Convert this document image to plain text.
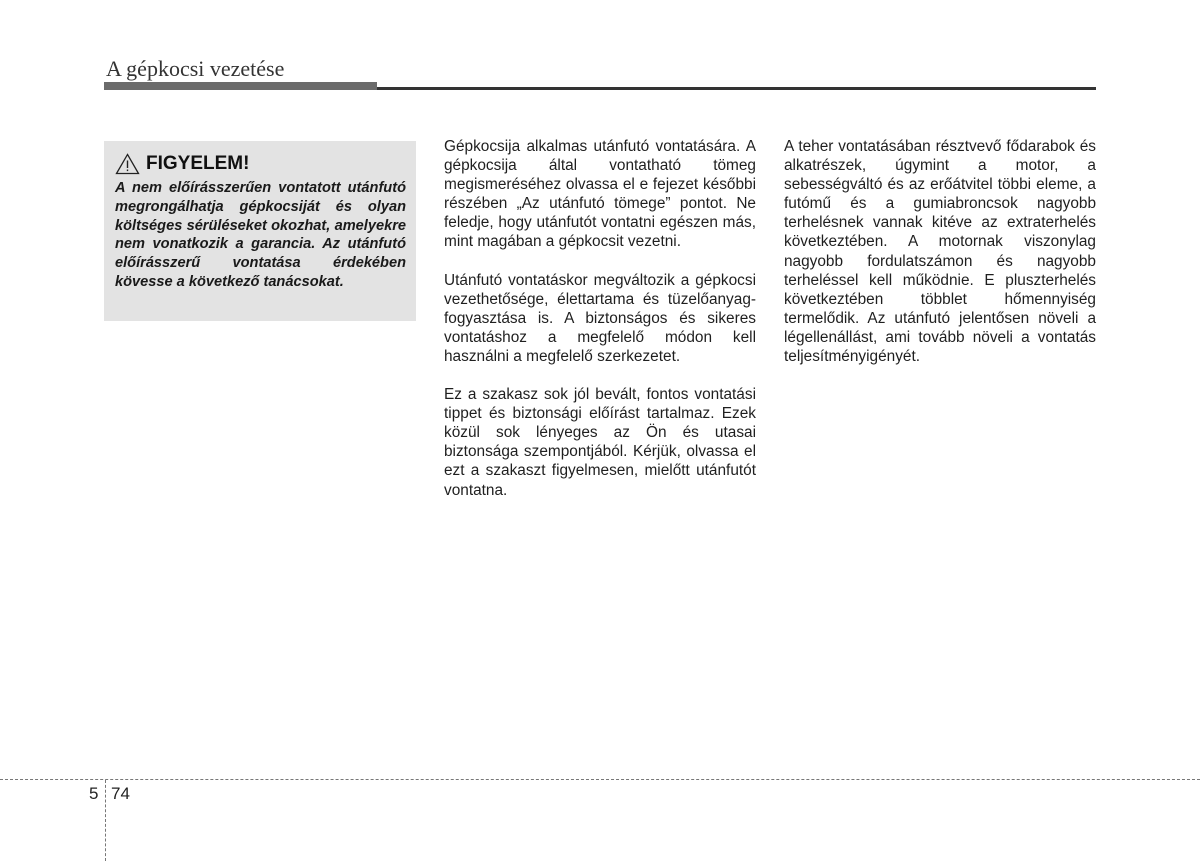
A gépkocsi vezetése
FIGYELEM!

A nem előírásszerűen vontatott utánfutó megrongálhatja gépkocsiját és olyan költséges sérüléseket okozhat, amelyekre nem vonatkozik a garancia. Az utánfutó előírásszerű vontatása érdekében kövesse a következő tanácsokat.

Gépkocsija alkalmas utánfutó vontatására. A gépkocsija által vontatható tömeg megismeréséhez olvassa el e fejezet későbbi részében „Az utánfutó tömege” pontot. Ne feledje, hogy utánfutót vontatni egészen más, mint magában a gépkocsit vezetni.

Utánfutó vontatáskor megváltozik a gépkocsi vezethetősége, élettartama és tüzelőanyag-fogyasztása is. A biztonságos és sikeres vontatáshoz a megfelelő módon kell használni a megfelelő szerkezetet.

Ez a szakasz sok jól bevált, fontos vontatási tippet és biztonsági előírást tartalmaz. Ezek közül sok lényeges az Ön és utasai biztonsága szempontjából. Kérjük, olvassa el ezt a szakaszt figyelmesen, mielőtt utánfutót vontatna.

A teher vontatásában résztvevő fődarabok és alkatrészek, úgymint a motor, a sebességváltó és az erőátvitel többi eleme, a futómű és a gumiabroncsok nagyobb terhelésnek vannak kitéve az extraterhelés következtében. A motornak viszonylag nagyobb fordulatszámon és nagyobb terheléssel kell működnie. E pluszterhelés következtében többlet hőmennyiség termelődik. Az utánfutó jelentősen növeli a légellenállást, ami tovább növeli a vontatás teljesítményigényét.

5 74
